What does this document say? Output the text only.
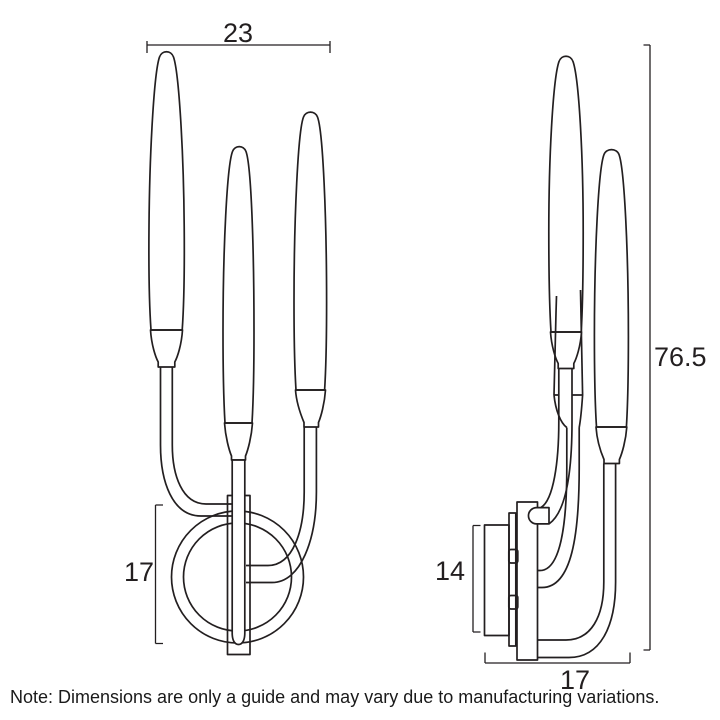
23
17
76.5
14
17
Note: Dimensions are only a guide and may vary due to manufacturing variations.
